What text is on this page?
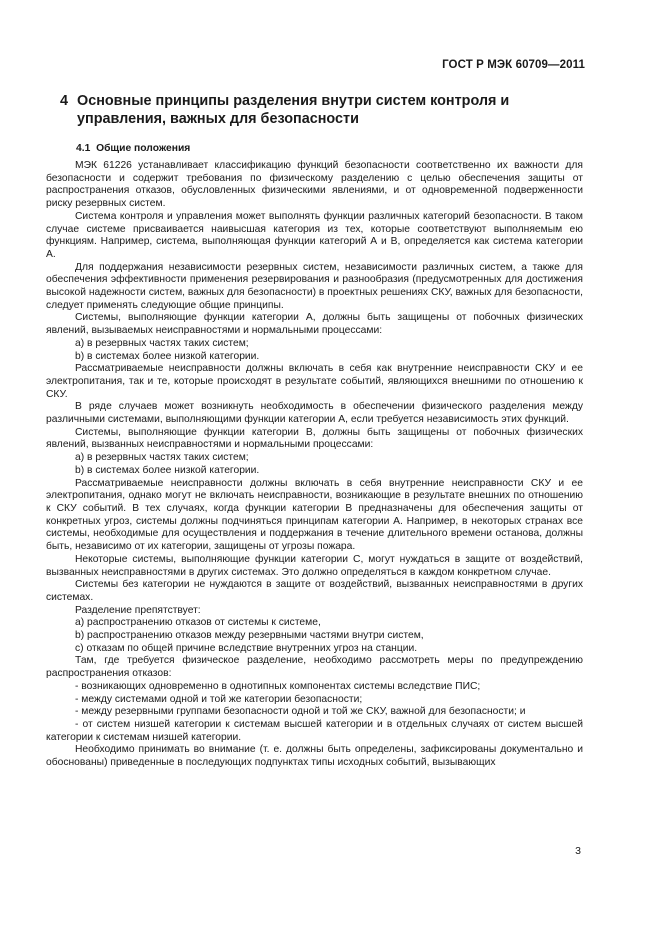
ГОСТ Р МЭК 60709—2011
4 Основные принципы разделения внутри систем контроля и управления, важных для безопасности
4.1 Общие положения

МЭК 61226 устанавливает классификацию функций безопасности соответственно их важности для безопасности и содержит требования по физическому разделению с целью обеспечения защиты от распространения отказов, обусловленных физическими явлениями, и от одновременной подверженности риску резервных систем.

Система контроля и управления может выполнять функции различных категорий безопасности. В таком случае системе присваивается наивысшая категория из тех, которые соответствуют выполняемым ею функциям. Например, система, выполняющая функции категорий А и В, определяется как система категории А.

Для поддержания независимости резервных систем, независимости различных систем, а также для обеспечения эффективности применения резервирования и разнообразия (предусмотренных для достижения высокой надежности систем, важных для безопасности) в проектных решениях СКУ, важных для безопасности, следует применять следующие общие принципы.

Системы, выполняющие функции категории А, должны быть защищены от побочных физических явлений, вызываемых неисправностями и нормальными процессами:

a) в резервных частях таких систем;

b) в системах более низкой категории.

Рассматриваемые неисправности должны включать в себя как внутренние неисправности СКУ и ее электропитания, так и те, которые происходят в результате событий, являющихся внешними по отношению к СКУ.

В ряде случаев может возникнуть необходимость в обеспечении физического разделения между различными системами, выполняющими функции категории А, если требуется независимость этих функций.

Системы, выполняющие функции категории В, должны быть защищены от побочных физических явлений, вызванных неисправностями и нормальными процессами:

a) в резервных частях таких систем;

b) в системах более низкой категории.

Рассматриваемые неисправности должны включать в себя внутренние неисправности СКУ и ее электропитания, однако могут не включать неисправности, возникающие в результате внешних по отношению к СКУ событий. В тех случаях, когда функции категории В предназначены для обеспечения защиты от конкретных угроз, системы должны подчиняться принципам категории А. Например, в некоторых странах все системы, необходимые для осуществления и поддержания в течение длительного времени останова, должны быть, независимо от их категории, защищены от угрозы пожара.

Некоторые системы, выполняющие функции категории С, могут нуждаться в защите от воздействий, вызванных неисправностями в других системах. Это должно определяться в каждом конкретном случае.

Системы без категории не нуждаются в защите от воздействий, вызванных неисправностями в других системах.

Разделение препятствует:

a) распространению отказов от системы к системе,

b) распространению отказов между резервными частями внутри систем,

c) отказам по общей причине вследствие внутренних угроз на станции.

Там, где требуется физическое разделение, необходимо рассмотреть меры по предупреждению распространения отказов:

- возникающих одновременно в однотипных компонентах системы вследствие ПИС;

- между системами одной и той же категории безопасности;

- между резервными группами безопасности одной и той же СКУ, важной для безопасности; и

- от систем низшей категории к системам высшей категории и в отдельных случаях от систем высшей категории к системам низшей категории.

Необходимо принимать во внимание (т. е. должны быть определены, зафиксированы документально и обоснованы) приведенные в последующих подпунктах типы исходных событий, вызывающих

3
